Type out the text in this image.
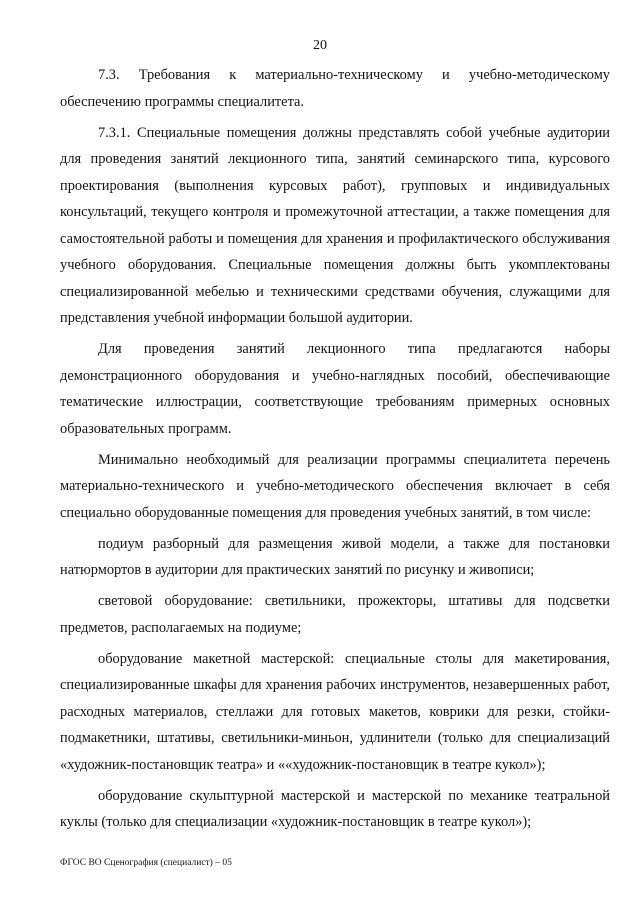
20

7.3. Требования к материально-техническому и учебно-методическому обеспечению программы специалитета.

7.3.1. Специальные помещения должны представлять собой учебные аудитории для проведения занятий лекционного типа, занятий семинарского типа, курсового проектирования (выполнения курсовых работ), групповых и индивидуальных консультаций, текущего контроля и промежуточной аттестации, а также помещения для самостоятельной работы и помещения для хранения и профилактического обслуживания учебного оборудования. Специальные помещения должны быть укомплектованы специализированной мебелью и техническими средствами обучения, служащими для представления учебной информации большой аудитории.

Для проведения занятий лекционного типа предлагаются наборы демонстрационного оборудования и учебно-наглядных пособий, обеспечивающие тематические иллюстрации, соответствующие требованиям примерных основных образовательных программ.

Минимально необходимый для реализации программы специалитета перечень материально-технического и учебно-методического обеспечения включает в себя специально оборудованные помещения для проведения учебных занятий, в том числе:

подиум разборный для размещения живой модели, а также для постановки натюрмортов в аудитории для практических занятий по рисунку и живописи;

световой оборудование: светильники, прожекторы, штативы для подсветки предметов, располагаемых на подиуме;

оборудование макетной мастерской: специальные столы для макетирования, специализированные шкафы для хранения рабочих инструментов, незавершенных работ, расходных материалов, стеллажи для готовых макетов, коврики для резки, стойки-подмакетники, штативы, светильники-миньон, удлинители (только для специализаций «художник-постановщик театра» и ««художник-постановщик в театре кукол»);

оборудование скульптурной мастерской и мастерской по механике театральной куклы (только для специализации «художник-постановщик в театре кукол»);

ФГОС ВО Сценография (специалист) – 05
